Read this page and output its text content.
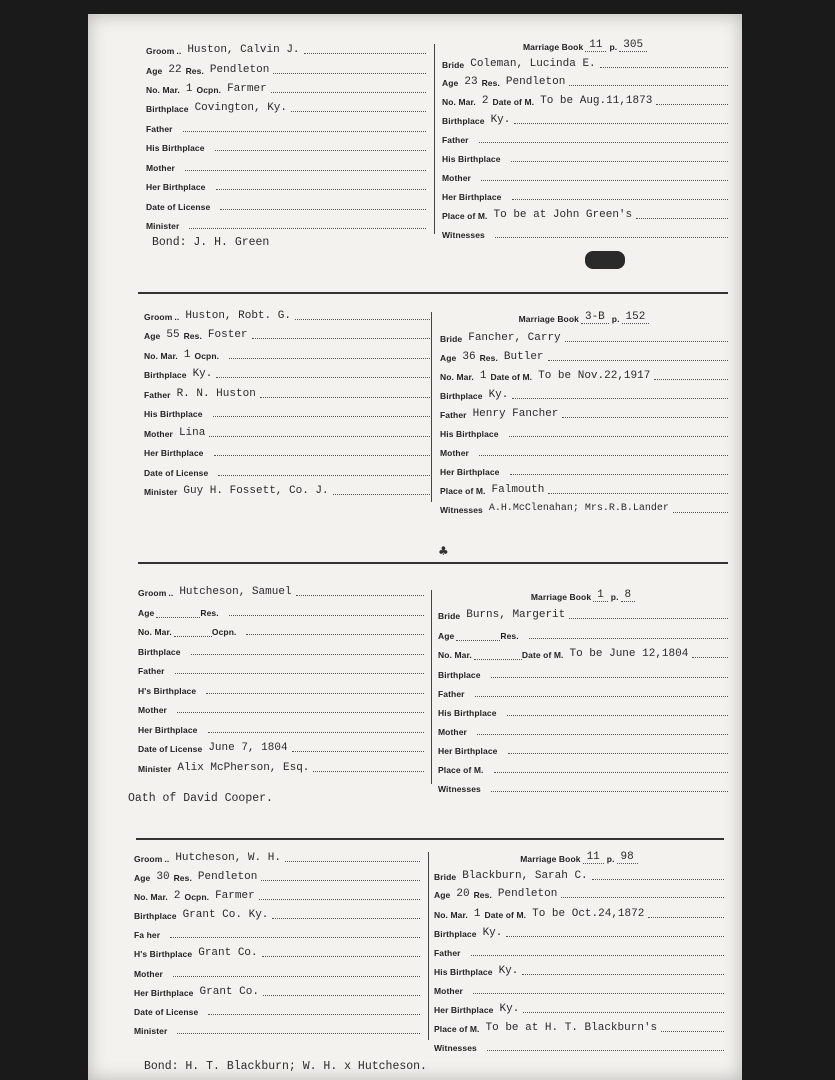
Groom .. Huston, Calvin J.
Age 22 Res. Pendleton
No. Mar. 1 Ocpn. Farmer
Birthplace Covington, Ky.
Father
His Birthplace
Mother
Her Birthplace
Date of License
Minister
Marriage Book 11 p. 305
Bride Coleman, Lucinda E.
Age 23 Res. Pendleton
No. Mar. 2 Date of M. To be Aug.11,1873
Birthplace Ky.
Father
His Birthplace
Mother
Her Birthplace
Place of M. To be at John Green's
Witnesses
Bond: J. H. Green
Groom .. Huston, Robt. G.
Age 55 Res. Foster
No. Mar. 1 Ocpn.
Birthplace Ky.
Father R. N. Huston
His Birthplace
Mother Lina
Her Birthplace
Date of License
Minister Guy H. Fossett, Co. J.
Marriage Book 3-B p. 152
Bride Fancher, Carry
Age 36 Res. Butler
No. Mar. 1 Date of M. To be Nov.22,1917
Birthplace Ky.
Father Henry Fancher
His Birthplace
Mother
Her Birthplace
Place of M. Falmouth
Witnesses A.H.McClenahan; Mrs.R.B.Lander
♣
Groom .. Hutcheson, Samuel
Age	Res.
No. Mar.	Ocpn.
Birthplace
Father
H's Birthplace
Mother
Her Birthplace
Date of License June 7, 1804
Minister Alix McPherson, Esq.
Marriage Book 1 p. 8
Bride Burns, Margerit
Age	Res.
No. Mar.	Date of M. To be June 12,1804
Birthplace
Father
His Birthplace
Mother
Her Birthplace
Place of M.
Witnesses
Oath of David Cooper.
Groom .. Hutcheson, W. H.
Age 30 Res. Pendleton
No. Mar. 2 Ocpn. Farmer
Birthplace Grant Co. Ky.
Fa her
H's Birthplace Grant Co.
Mother
Her Birthplace Grant Co.
Date of License
Minister
Marriage Book 11 p. 98
Bride Blackburn, Sarah C.
Age 20 Res. Pendleton
No. Mar. 1 Date of M. To be Oct.24,1872
Birthplace Ky.
Father
His Birthplace Ky.
Mother
Her Birthplace Ky.
Place of M. To be at H. T. Blackburn's
Witnesses
Bond: H. T. Blackburn; W. H. x Hutcheson.
